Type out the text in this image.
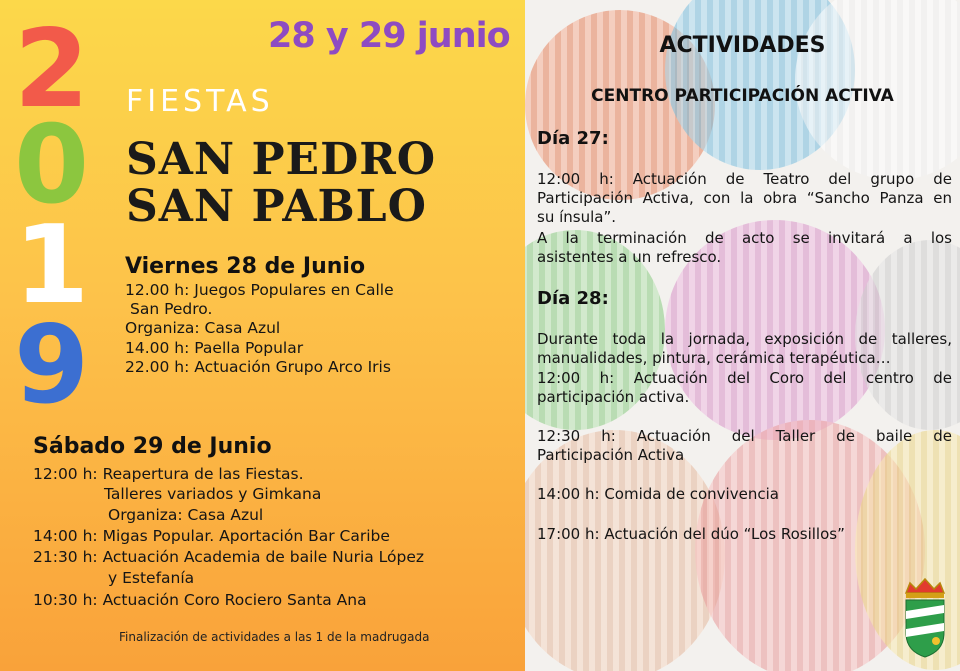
2
0
1
9
28 y 29 junio
FIESTAS
SAN PEDRO
SAN PABLO
Viernes 28 de Junio
12.00 h: Juegos Populares en Calle
San Pedro.
Organiza: Casa Azul
14.00 h: Paella Popular
22.00 h: Actuación Grupo Arco Iris
Sábado 29 de Junio
12:00 h: Reapertura de las Fiestas.
Talleres variados y Gimkana
Organiza: Casa Azul
14:00 h: Migas Popular. Aportación Bar Caribe
21:30 h: Actuación Academia de baile Nuria López
y Estefanía
10:30 h: Actuación Coro Rociero Santa Ana
Finalización de actividades a las 1 de la madrugada
ACTIVIDADES
CENTRO PARTICIPACIÓN ACTIVA
Día 27:
12:00 h: Actuación de Teatro del grupo de
Participación Activa, con la obra “Sancho Panza en
su ínsula”.
A la terminación de acto se invitará a los
asistentes a un refresco.
Día 28:
Durante toda la jornada, exposición de talleres,
manualidades, pintura, cerámica terapéutica…
12:00 h: Actuación del Coro del centro de
participación activa.
12:30 h: Actuación del Taller de baile de
Participación Activa
14:00 h: Comida de convivencia
17:00 h: Actuación del dúo “Los Rosillos”
